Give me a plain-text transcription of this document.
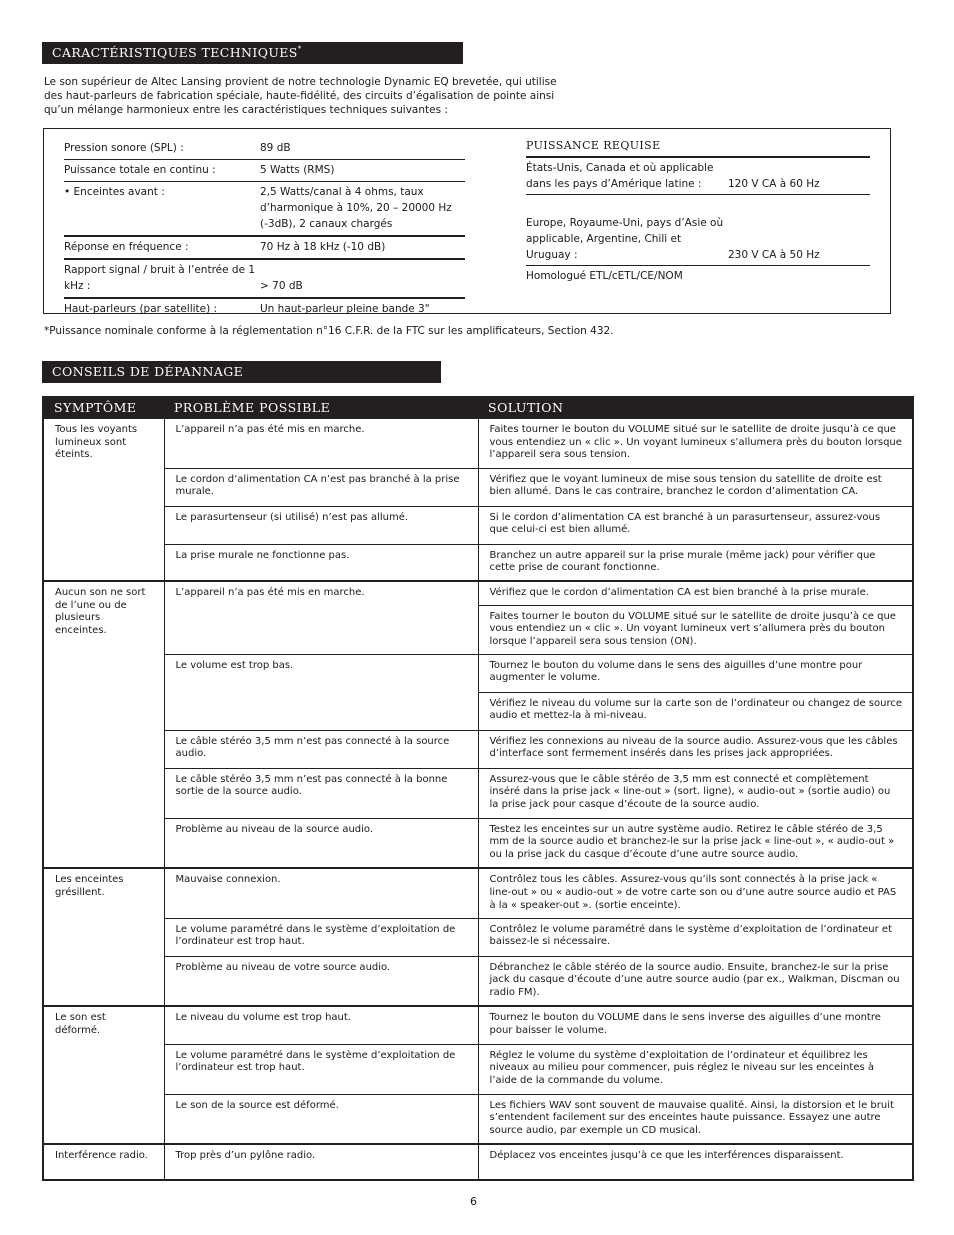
CARACTÉRISTIQUES TECHNIQUES*

Le son supérieur de Altec Lansing provient de notre technologie Dynamic EQ brevetée, qui utilise des haut-parleurs de fabrication spéciale, haute-fidélité, des circuits d’égalisation de pointe ainsi qu’un mélange harmonieux entre les caractéristiques techniques suivantes :

Pression sonore (SPL) :	89 dB
Puissance totale en continu :	5 Watts (RMS)
• Enceintes avant :	2,5 Watts/canal à 4 ohms, taux d’harmonique à 10%, 20 – 20000 Hz (-3dB), 2 canaux chargés
Réponse en fréquence :	70 Hz à 18 kHz (-10 dB)
Rapport signal / bruit à l’entrée de 1 kHz :	> 70 dB
Haut-parleurs (par satellite) :	Un haut-parleur pleine bande 3"
PUISSANCE REQUISE
États-Unis, Canada et où applicable dans les pays d’Amérique latine :	120 V CA à 60 Hz
Europe, Royaume-Uni, pays d’Asie où applicable, Argentine, Chili et Uruguay :	230 V CA à 50 Hz
Homologué ETL/cETL/CE/NOM

*Puissance nominale conforme à la réglementation n°16 C.F.R. de la FTC sur les amplificateurs, Section 432.

CONSEILS DE DÉPANNAGE
SYMPTÔME	PROBLÈME POSSIBLE	SOLUTION
Tous les voyants lumineux sont éteints.	L’appareil n’a pas été mis en marche.	Faites tourner le bouton du VOLUME situé sur le satellite de droite jusqu’à ce que vous entendiez un « clic ». Un voyant lumineux s’allumera près du bouton lorsque l’appareil sera sous tension.
	Le cordon d’alimentation CA n’est pas branché à la prise murale.	Vérifiez que le voyant lumineux de mise sous tension du satellite de droite est bien allumé. Dans le cas contraire, branchez le cordon d’alimentation CA.
	Le parasurtenseur (si utilisé) n’est pas allumé.	Si le cordon d’alimentation CA est branché à un parasurtenseur, assurez-vous que celui-ci est bien allumé.
	La prise murale ne fonctionne pas.	Branchez un autre appareil sur la prise murale (même jack) pour vérifier que cette prise de courant fonctionne.
Aucun son ne sort de l’une ou de plusieurs enceintes.	L’appareil n’a pas été mis en marche.	Vérifiez que le cordon d’alimentation CA est bien branché à la prise murale.
		Faites tourner le bouton du VOLUME situé sur le satellite de droite jusqu’à ce que vous entendiez un « clic ». Un voyant lumineux vert s’allumera près du bouton lorsque l’appareil sera sous tension (ON).
	Le volume est trop bas.	Tournez le bouton du volume dans le sens des aiguilles d’une montre pour augmenter le volume.
		Vérifiez le niveau du volume sur la carte son de l’ordinateur ou changez de source audio et mettez-la à mi-niveau.
	Le câble stéréo 3,5 mm n’est pas connecté à la source audio.	Vérifiez les connexions au niveau de la source audio. Assurez-vous que les câbles d’interface sont fermement insérés dans les prises jack appropriées.
	Le câble stéréo 3,5 mm n’est pas connecté à la bonne sortie de la source audio.	Assurez-vous que le câble stéréo de 3,5 mm est connecté et complètement inséré dans la prise jack « line-out » (sort. ligne), « audio-out » (sortie audio) ou la prise jack pour casque d’écoute de la source audio.
	Problème au niveau de la source audio.	Testez les enceintes sur un autre système audio. Retirez le câble stéréo de 3,5 mm de la source audio et branchez-le sur la prise jack « line-out », « audio-out » ou la prise jack du casque d’écoute d’une autre source audio.
Les enceintes grésillent.	Mauvaise connexion.	Contrôlez tous les câbles. Assurez-vous qu’ils sont connectés à la prise jack « line-out » ou « audio-out » de votre carte son ou d’une autre source audio et PAS à la « speaker-out ». (sortie enceinte).
	Le volume paramétré dans le système d’exploitation de l’ordinateur est trop haut.	Contrôlez le volume paramétré dans le système d’exploitation de l’ordinateur et baissez-le si nécessaire.
	Problème au niveau de votre source audio.	Débranchez le câble stéréo de la source audio. Ensuite, branchez-le sur la prise jack du casque d’écoute d’une autre source audio (par ex., Walkman, Discman ou radio FM).
Le son est déformé.	Le niveau du volume est trop haut.	Tournez le bouton du VOLUME dans le sens inverse des aiguilles d’une montre pour baisser le volume.
	Le volume paramétré dans le système d’exploitation de l’ordinateur est trop haut.	Réglez le volume du système d’exploitation de l’ordinateur et équilibrez les niveaux au milieu pour commencer, puis réglez le niveau sur les enceintes à l’aide de la commande du volume.
	Le son de la source est déformé.	Les fichiers WAV sont souvent de mauvaise qualité. Ainsi, la distorsion et le bruit s’entendent facilement sur des enceintes haute puissance. Essayez une autre source audio, par exemple un CD musical.
Interférence radio.	Trop près d’un pylône radio.	Déplacez vos enceintes jusqu’à ce que les interférences disparaissent.
6
